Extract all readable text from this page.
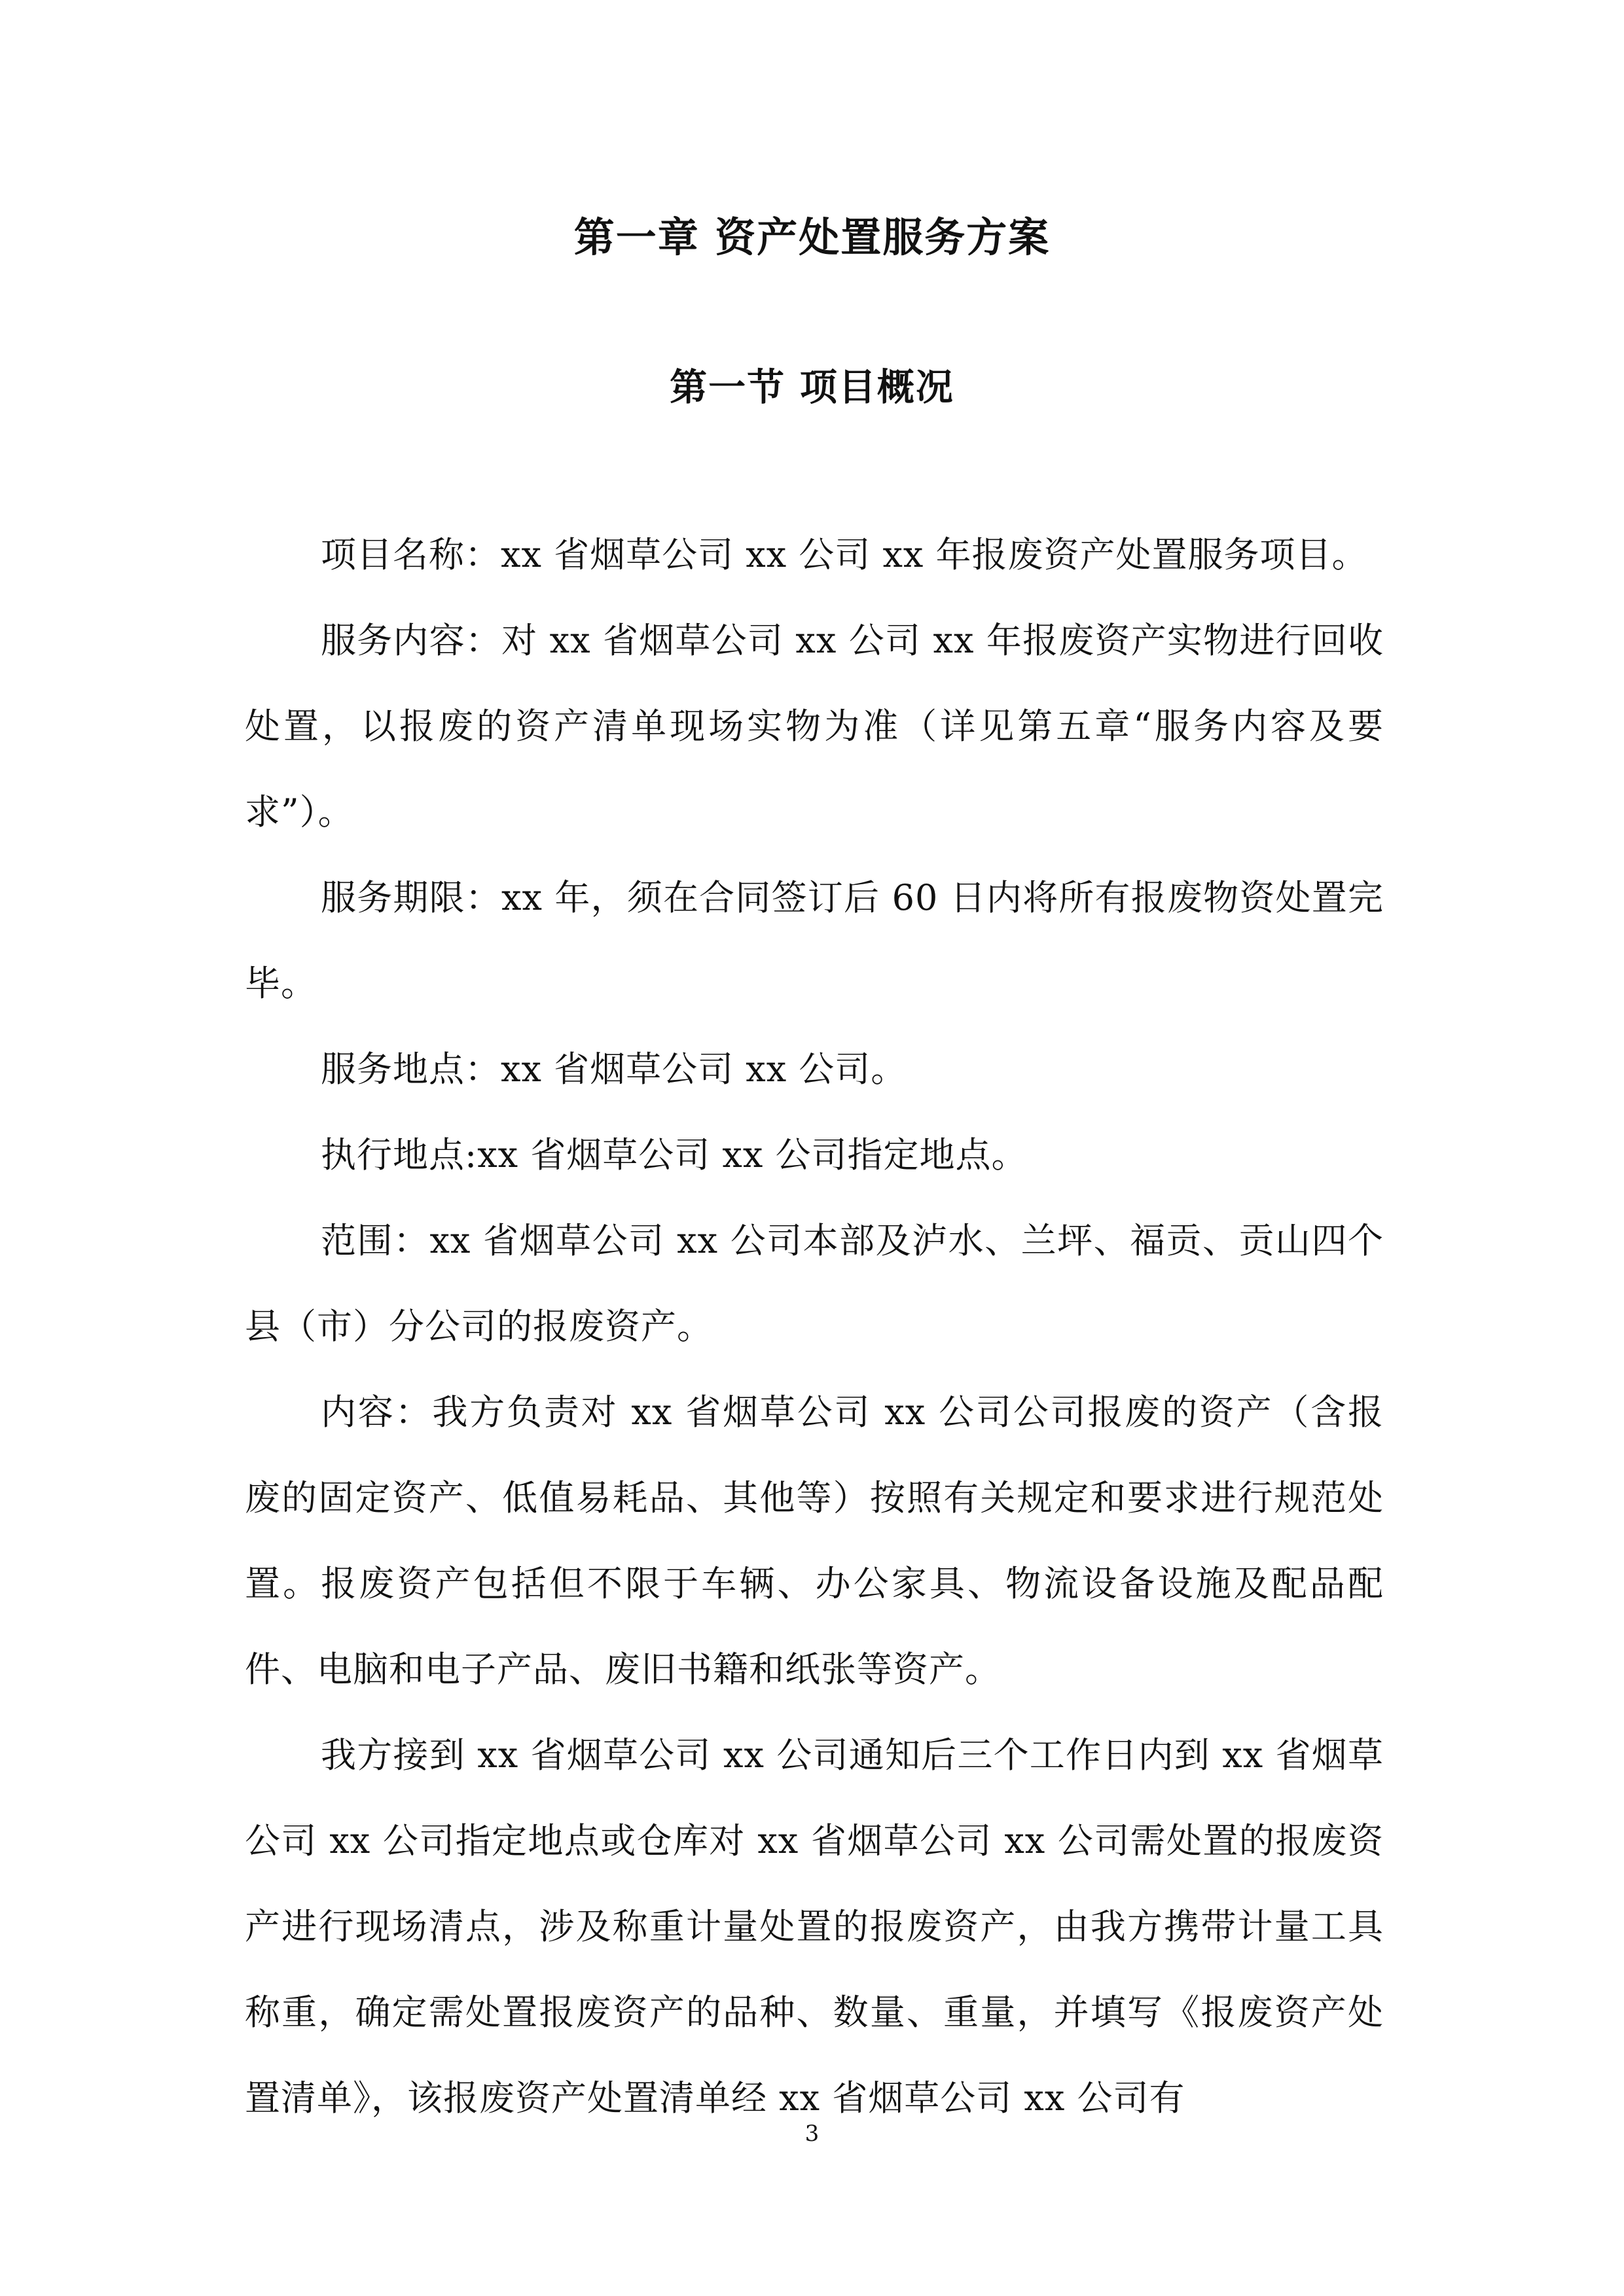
第一章 资产处置服务方案
第一节 项目概况

项目名称：xx 省烟草公司 xx 公司 xx 年报废资产处置服务项目。

服务内容：对 xx 省烟草公司 xx 公司 xx 年报废资产实物进行回收处置，以报废的资产清单现场实物为准（详见第五章“服务内容及要求”）。

服务期限：xx 年，须在合同签订后 60 日内将所有报废物资处置完毕。

服务地点：xx 省烟草公司 xx 公司。

执行地点:xx 省烟草公司 xx 公司指定地点。

范围：xx 省烟草公司 xx 公司本部及泸水、兰坪、福贡、贡山四个县（市）分公司的报废资产。

内容：我方负责对 xx 省烟草公司 xx 公司公司报废的资产（含报废的固定资产、低值易耗品、其他等）按照有关规定和要求进行规范处置。报废资产包括但不限于车辆、办公家具、物流设备设施及配品配件、电脑和电子产品、废旧书籍和纸张等资产。

我方接到 xx 省烟草公司 xx 公司通知后三个工作日内到 xx 省烟草公司 xx 公司指定地点或仓库对 xx 省烟草公司 xx 公司需处置的报废资产进行现场清点，涉及称重计量处置的报废资产，由我方携带计量工具称重，确定需处置报废资产的品种、数量、重量，并填写《报废资产处置清单》，该报废资产处置清单经 xx 省烟草公司 xx 公司有

3
